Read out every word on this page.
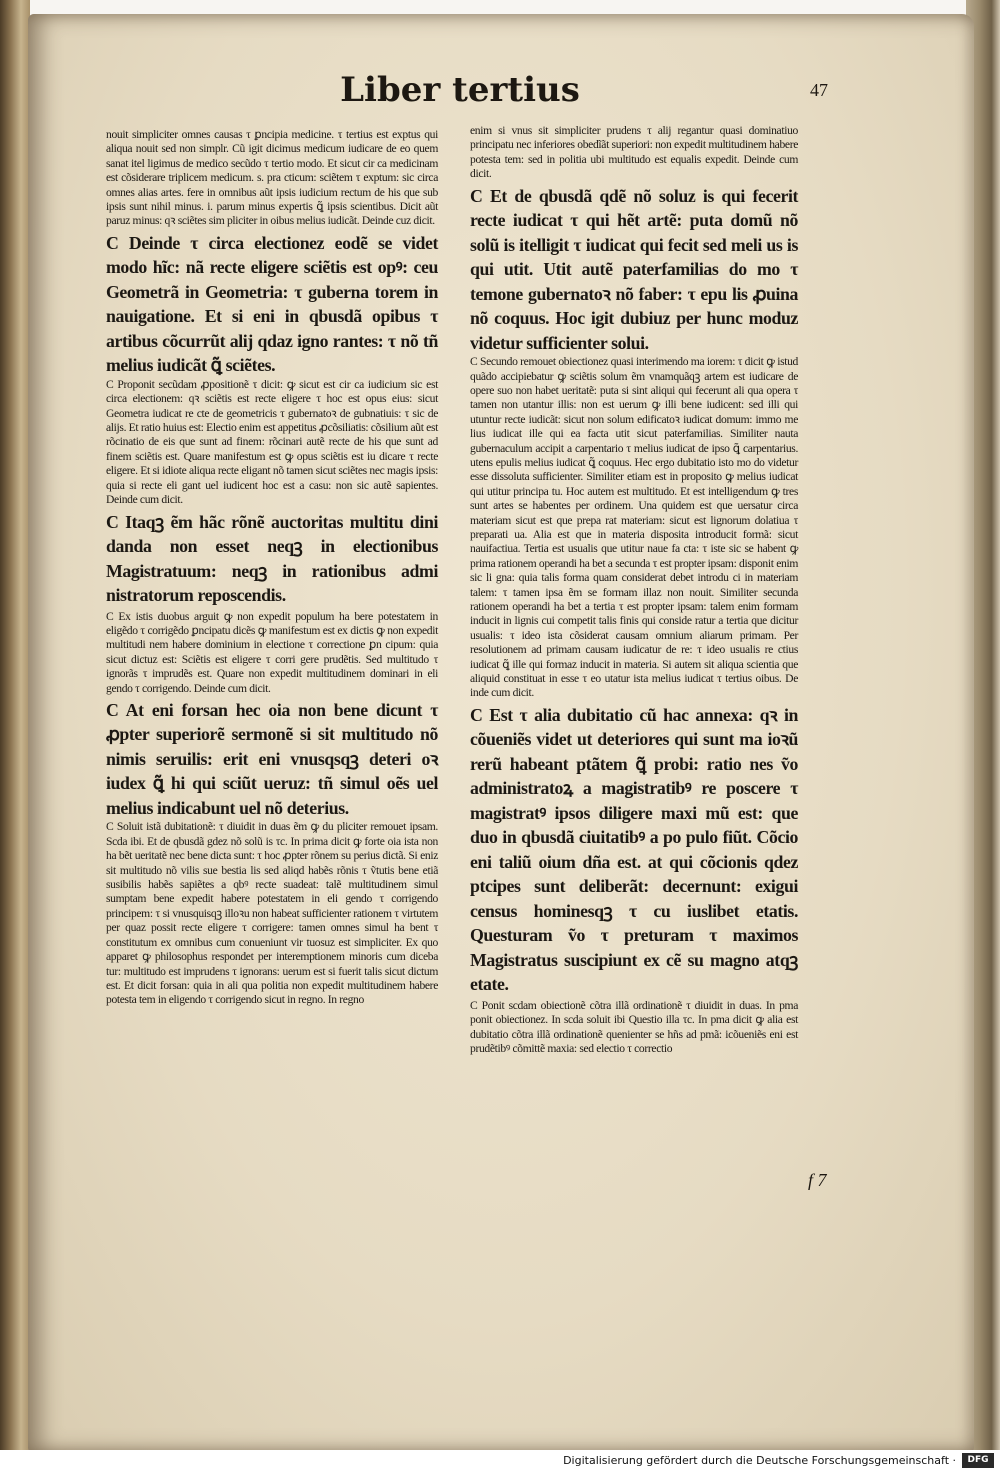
Liber tertius	47

nouit simpliciter omnes causas τ ꝑncipia medicine. τ tertius est exptus qui aliqua nouit sed non simplr. Cũ igit dicimus medicum iudicare de eo quem sanat itel ligimus de medico secũdo τ tertio modo. Et sicut cir ca medicinam est cõsiderare triplicem medicum. s. pra cticum: sciẽtem τ exptum: sic circa omnes alias artes. fere in omnibus aũt ipsis iudicium rectum de his que sub ipsis sunt nihil minus. i. parum minus expertis ꝗ̃ ipsis scientibus. Dicit aũt paruz minus: qꝛ sciẽtes sim pliciter in oibus melius iudicãt. Deinde cuz dicit.

C Deinde τ circa electionez eodẽ se videt modo hĩc: nã recte eligere sciẽtis est opꝰ: ceu Geometrã in Geometria: τ guberna torem in nauigatione. Et si eni in qbusdã opibus τ artibus cõcurrũt alij qdaz igno rantes: τ nõ tñ melius iudicãt ꝗ̃ sciẽtes.

C Proponit secũdam ꝓpositionẽ τ dicit: ꝙ sicut est cir ca iudicium sic est circa electionem: qꝛ sciẽtis est recte eligere τ hoc est opus eius: sicut Geometra iudicat re cte de geometricis τ gubernatoꝛ de gubnatiuis: τ sic de alijs. Et ratio huius est: Electio enim est appetitus ꝓcõsiliatis: cõsilium aũt est rõcinatio de eis que sunt ad finem: rõcinari autẽ recte de his que sunt ad finem sciẽtis est. Quare manifestum est ꝙ opus sciẽtis est iu dicare τ recte eligere. Et si idiote aliqua recte eligant nõ tamen sicut sciẽtes nec magis ipsis: quia si recte eli gant uel iudicent hoc est a casu: non sic autẽ sapientes. Deinde cum dicit.

C Itaqꝫ ẽm hãc rõnẽ auctoritas multitu dini danda non esset neqꝫ in electionibus Magistratuum: neqꝫ in rationibus admi nistratorum reposcendis.

C Ex istis duobus arguit ꝙ non expedit populum ha bere potestatem in eligẽdo τ corrigẽdo ꝑncipatu dicẽs ꝙ manifestum est ex dictis ꝙ non expedit multitudi nem habere dominium in electione τ correctione ꝑn cipum: quia sicut dictuz est: Sciẽtis est eligere τ corri gere prudẽtis. Sed multitudo τ ignorãs τ imprudẽs est. Quare non expedit multitudinem dominari in eli gendo τ corrigendo. Deinde cum dicit.

C At eni forsan hec oia non bene dicunt τ ꝓpter superiorẽ sermonẽ si sit multitudo nõ nimis seruilis: erit eni vnusqsqꝫ deteri oꝛ iudex ꝗ̃ hi qui sciũt ueruz: tñ simul oẽs uel melius indicabunt uel nõ deterius.

C Soluit istã dubitationẽ: τ diuidit in duas ẽm ꝙ du pliciter remouet ipsam. Scda ibi. Et de qbusdã gdez nõ solũ is τc. In prima dicit ꝙ forte oia ista non ha bẽt ueritatẽ nec bene dicta sunt: τ hoc ꝓpter rõnem su perius dictã. Si eniz sit multitudo nõ vilis sue bestia lis sed aliqd habẽs rõnis τ ṽtutis bene etiã susibilis habẽs sapiẽtes a qbꝰ recte suadeat: talẽ multitudinem simul sumptam bene expedit habere potestatem in eli gendo τ corrigendo principem: τ si vnusquisqꝫ illoꝛu non habeat sufficienter rationem τ virtutem per quaz possit recte eligere τ corrigere: tamen omnes simul ha bent τ constitutum ex omnibus cum conueniunt vir tuosuz est simpliciter. Ex quo apparet ꝙ philosophus respondet per interemptionem minoris cum diceba tur: multitudo est imprudens τ ignorans: uerum est si fuerit talis sicut dictum est. Et dicit forsan: quia in ali qua politia non expedit multitudinem habere potesta tem in eligendo τ corrigendo sicut in regno. In regno

enim si vnus sit simpliciter prudens τ alij regantur quasi dominatiuo principatu nec inferiores obedĩãt superiori: non expedit multitudinem habere potesta tem: sed in politia ubi multitudo est equalis expedit. Deinde cum dicit.

C Et de qbusdã qdẽ nõ soluz is qui fecerit recte iudicat τ qui hẽt artẽ: puta domũ nõ solũ is itelligit τ iudicat qui fecit sed meli us is qui utit. Utit autẽ paterfamilias do mo τ temone gubernatoꝛ nõ faber: τ epu lis ꝓuina nõ coquus. Hoc igit dubiuz per hunc moduz videtur sufficienter solui.

C Secundo remouet obiectionez quasi interimendo ma iorem: τ dicit ꝙ istud quãdo accipiebatur ꝙ sciẽtis solum ẽm vnamquãqꝫ artem est iudicare de opere suo non habet ueritatẽ: puta si sint aliqui qui fecerunt ali qua opera τ tamen non utantur illis: non est uerum ꝙ illi bene iudicent: sed illi qui utuntur recte iudicãt: sicut non solum edificatoꝛ iudicat domum: immo me lius iudicat ille qui ea facta utit sicut paterfamilias. Similiter nauta gubernaculum accipit a carpentario τ melius iudicat de ipso ꝗ̃ carpentarius. utens epulis melius iudicat ꝗ̃ coquus. Hec ergo dubitatio isto mo do videtur esse dissoluta sufficienter. Similiter etiam est in proposito ꝙ melius iudicat qui utitur principa tu. Hoc autem est multitudo. Et est intelligendum ꝙ tres sunt artes se habentes per ordinem. Una quidem est que uersatur circa materiam sicut est que prepa rat materiam: sicut est lignorum dolatiua τ preparati ua. Alia est que in materia disposita introducit formã: sicut nauifactiua. Tertia est usualis que utitur naue fa cta: τ iste sic se habent ꝙ prima rationem operandi ha bet a secunda τ est propter ipsam: disponit enim sic li gna: quia talis forma quam considerat debet introdu ci in materiam talem: τ tamen ipsa ẽm se formam illaz non nouit. Similiter secunda rationem operandi ha bet a tertia τ est propter ipsam: talem enim formam inducit in lignis cui competit talis finis qui conside ratur a tertia que dicitur usualis: τ ideo ista cõsiderat causam omnium aliarum primam. Per resolutionem ad primam causam iudicatur de re: τ ideo usualis re ctius iudicat ꝗ̃ ille qui formaz inducit in materia. Si autem sit aliqua scientia que aliquid constituat in esse τ eo utatur ista melius iudicat τ tertius oibus. De inde cum dicit.

C Est τ alia dubitatio cũ hac annexa: qꝛ in cõueniẽs videt ut deteriores qui sunt ma ioꝛũ rerũ habeant ptãtem ꝗ̃ probi: ratio nes ṽo administratoꝝ a magistratibꝰ re poscere τ magistratꝰ ipsos diligere maxi mũ est: que duo in qbusdã ciuitatibꝰ a po pulo fiũt. Cõcio eni taliũ oium dña est. at qui cõcionis qdez ptcipes sunt deliberãt: decernunt: exigui census hominesqꝫ τ cu iuslibet etatis. Questuram ṽo τ preturam τ maximos Magistratus suscipiunt ex cẽ su magno atqꝫ etate.

C Ponit scdam obiectionẽ cõtra illã ordinationẽ τ diuidit in duas. In pma ponit obiectionez. In scda soluit ibi Questio illa τc. In pma dicit ꝙ alia est dubitatio cõtra illã ordinationẽ quenienter se hñs ad pmã: icõueniẽs eni est prudẽtibꝰ cõmittẽ maxia: sed electio τ correctio

f 7
Digitalisierung gefördert durch die Deutsche Forschungsgemeinschaft ·	DFG
